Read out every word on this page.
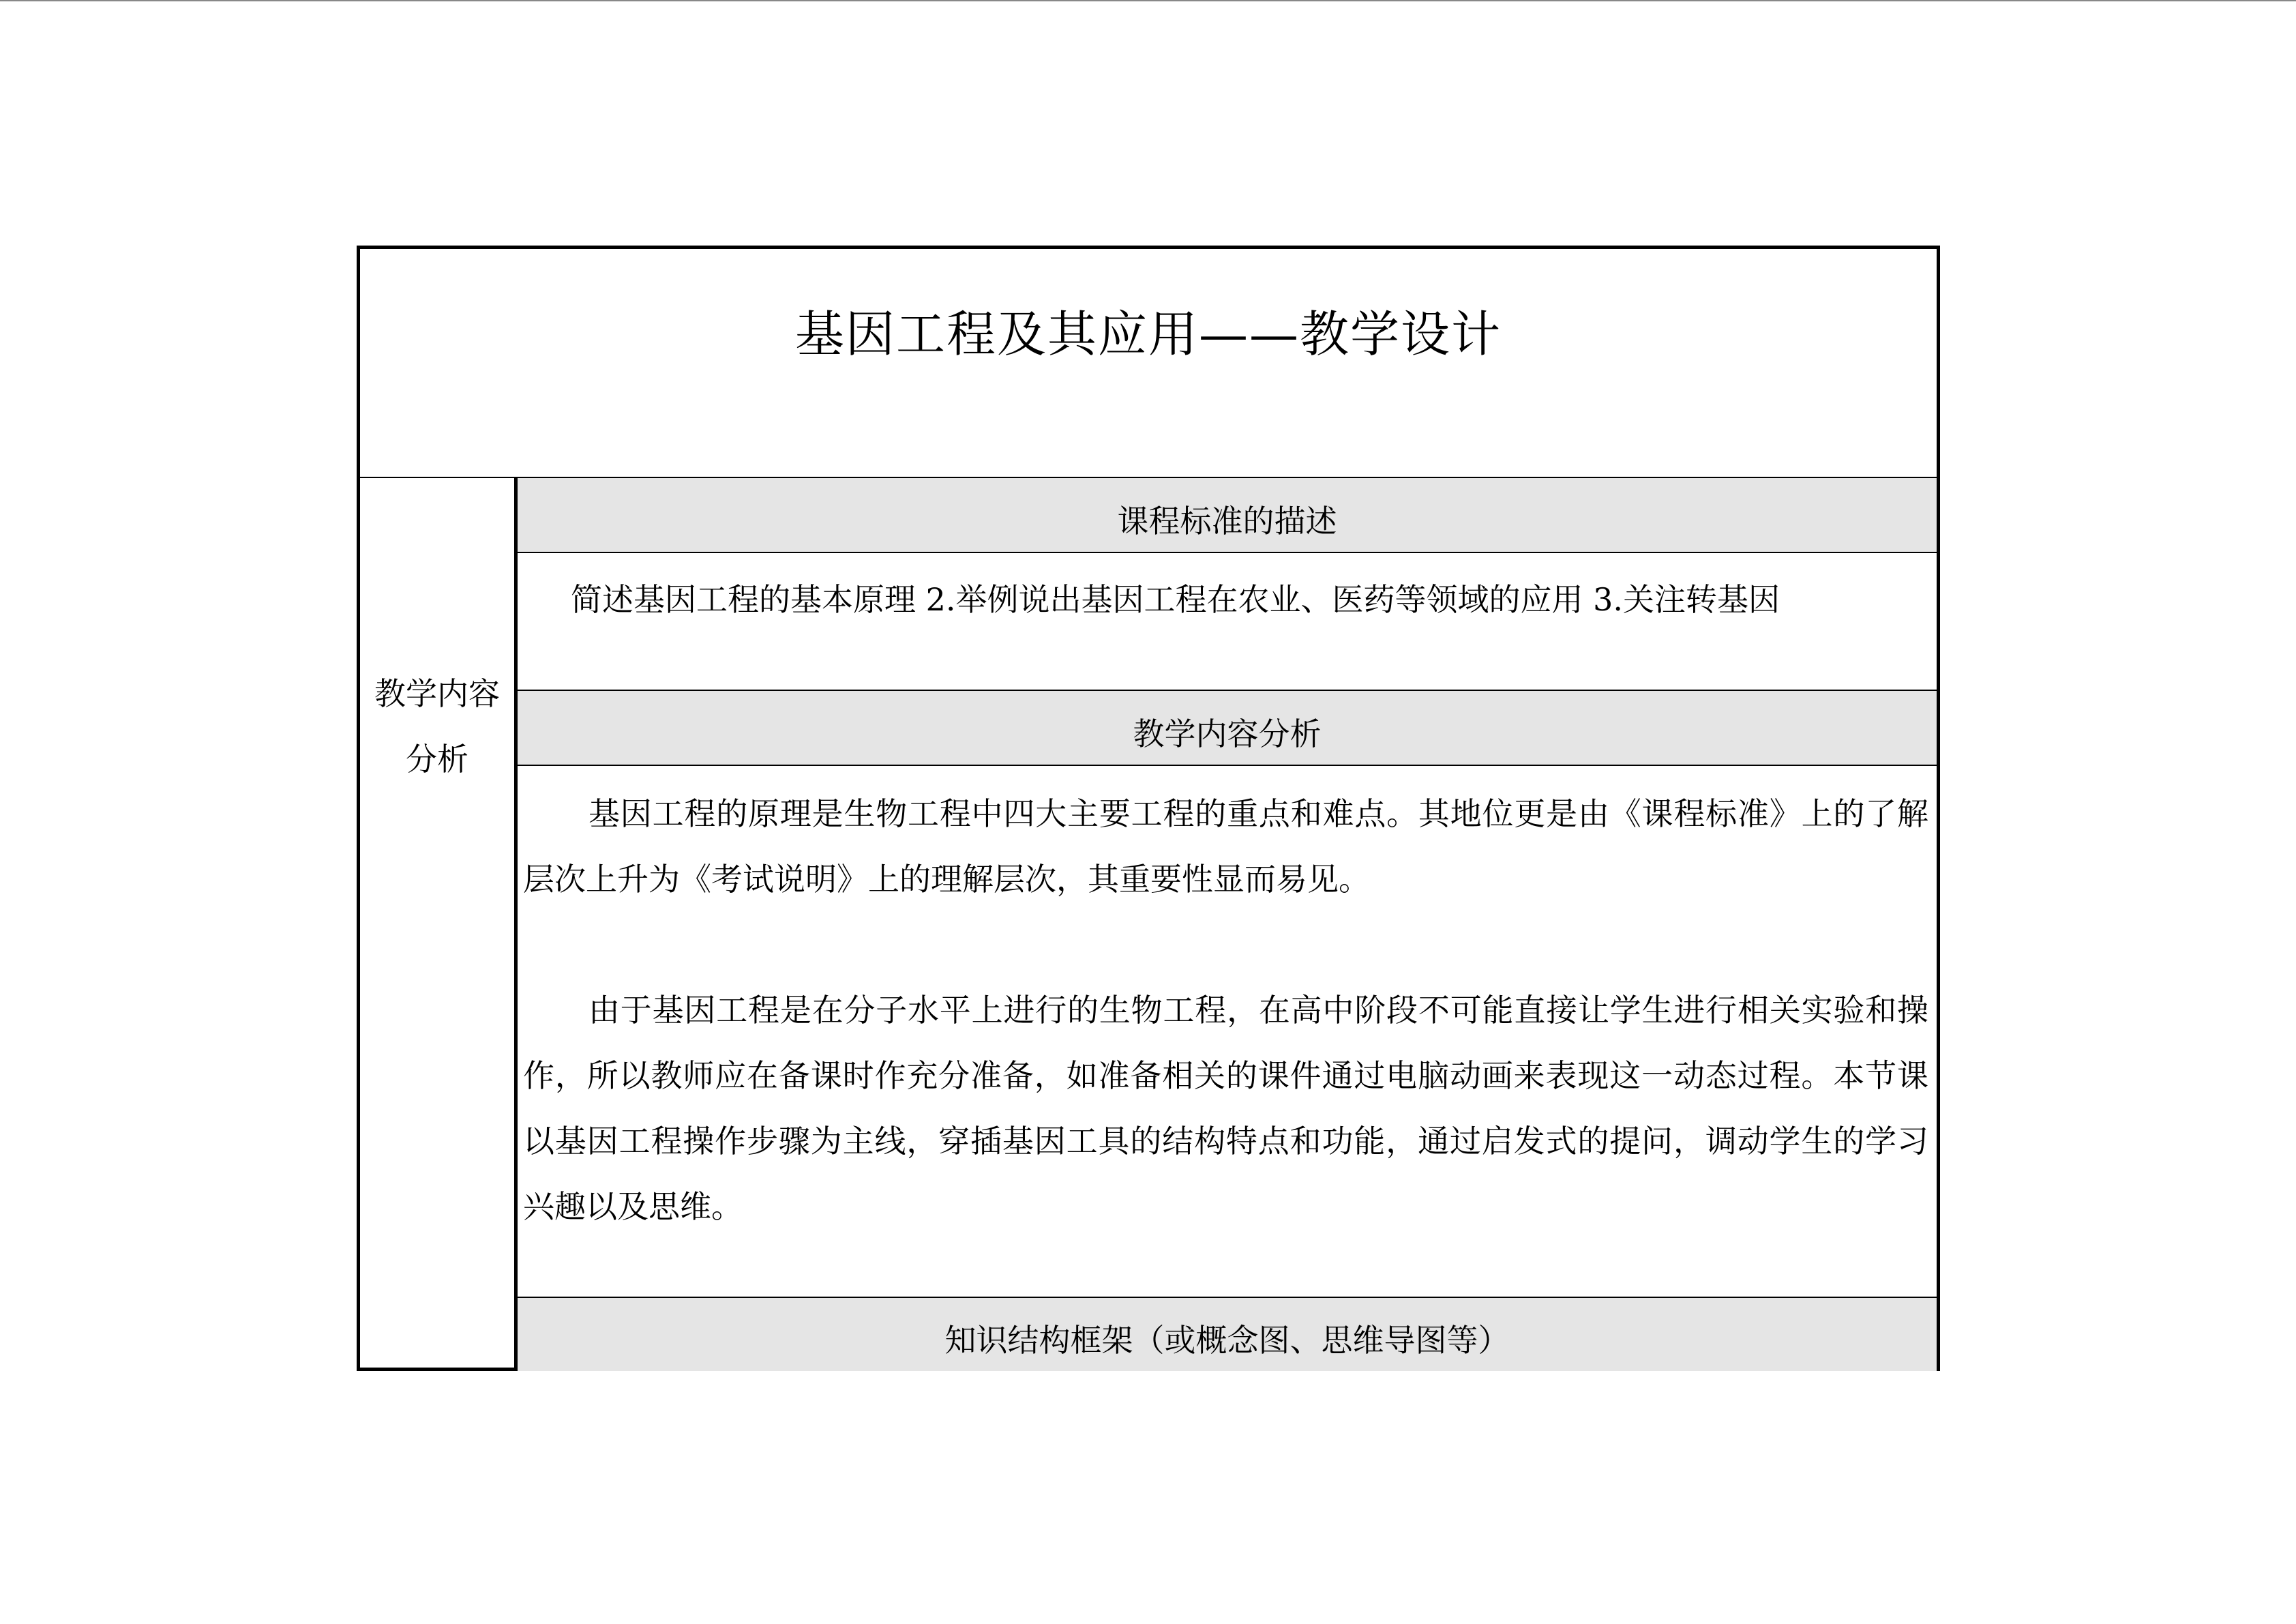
基因工程及其应用——教学设计
教学内容
分析
课程标准的描述

简述基因工程的基本原理 2.举例说出基因工程在农业、医药等领域的应用 3.关注转基因

教学内容分析

基因工程的原理是生物工程中四大主要工程的重点和难点。其地位更是由《课程标准》上的了解层次上升为《考试说明》上的理解层次，其重要性显而易见。

由于基因工程是在分子水平上进行的生物工程，在高中阶段不可能直接让学生进行相关实验和操作，所以教师应在备课时作充分准备，如准备相关的课件通过电脑动画来表现这一动态过程。本节课以基因工程操作步骤为主线，穿插基因工具的结构特点和功能，通过启发式的提问，调动学生的学习兴趣以及思维。

知识结构框架（或概念图、思维导图等）
